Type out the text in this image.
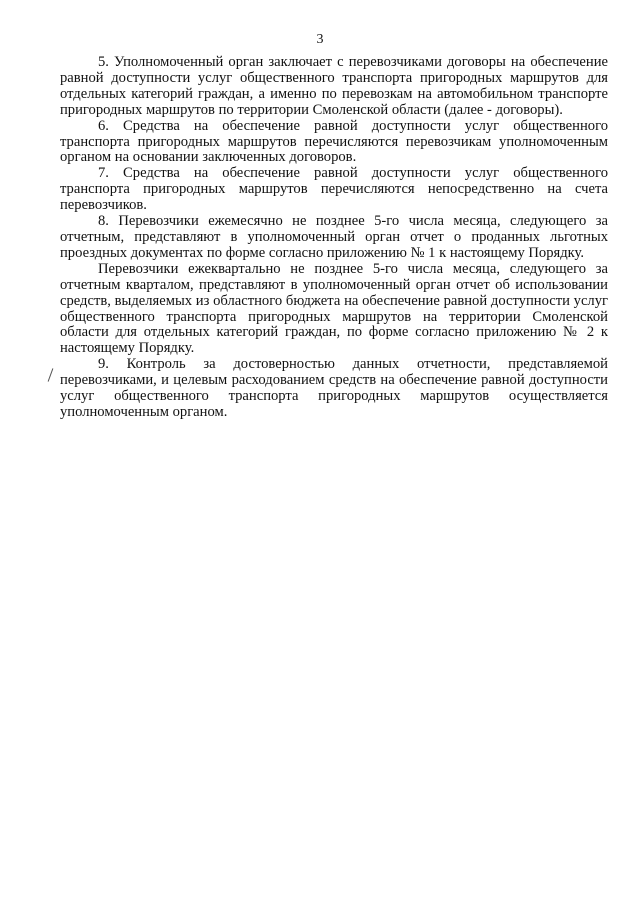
3

5. Уполномоченный орган заключает с перевозчиками договоры на обеспечение равной доступности услуг общественного транспорта пригородных маршрутов для отдельных категорий граждан, а именно по перевозкам на автомобильном транспорте пригородных маршрутов по территории Смоленской области (далее - договоры).

6. Средства на обеспечение равной доступности услуг общественного транспорта пригородных маршрутов перечисляются перевозчикам уполномоченным органом на основании заключенных договоров.

7. Средства на обеспечение равной доступности услуг общественного транспорта пригородных маршрутов перечисляются непосредственно на счета перевозчиков.

8. Перевозчики ежемесячно не позднее 5-го числа месяца, следующего за отчетным, представляют в уполномоченный орган отчет о проданных льготных проездных документах по форме согласно приложению № 1 к настоящему Порядку.

Перевозчики ежеквартально не позднее 5-го числа месяца, следующего за отчетным кварталом, представляют в уполномоченный орган отчет об использовании средств, выделяемых из областного бюджета на обеспечение равной доступности услуг общественного транспорта пригородных маршрутов на территории Смоленской области для отдельных категорий граждан, по форме согласно приложению № 2 к настоящему Порядку.

9. Контроль за достоверностью данных отчетности, представляемой перевозчиками, и целевым расходованием средств на обеспечение равной доступности услуг общественного транспорта пригородных маршрутов осуществляется уполномоченным органом.
